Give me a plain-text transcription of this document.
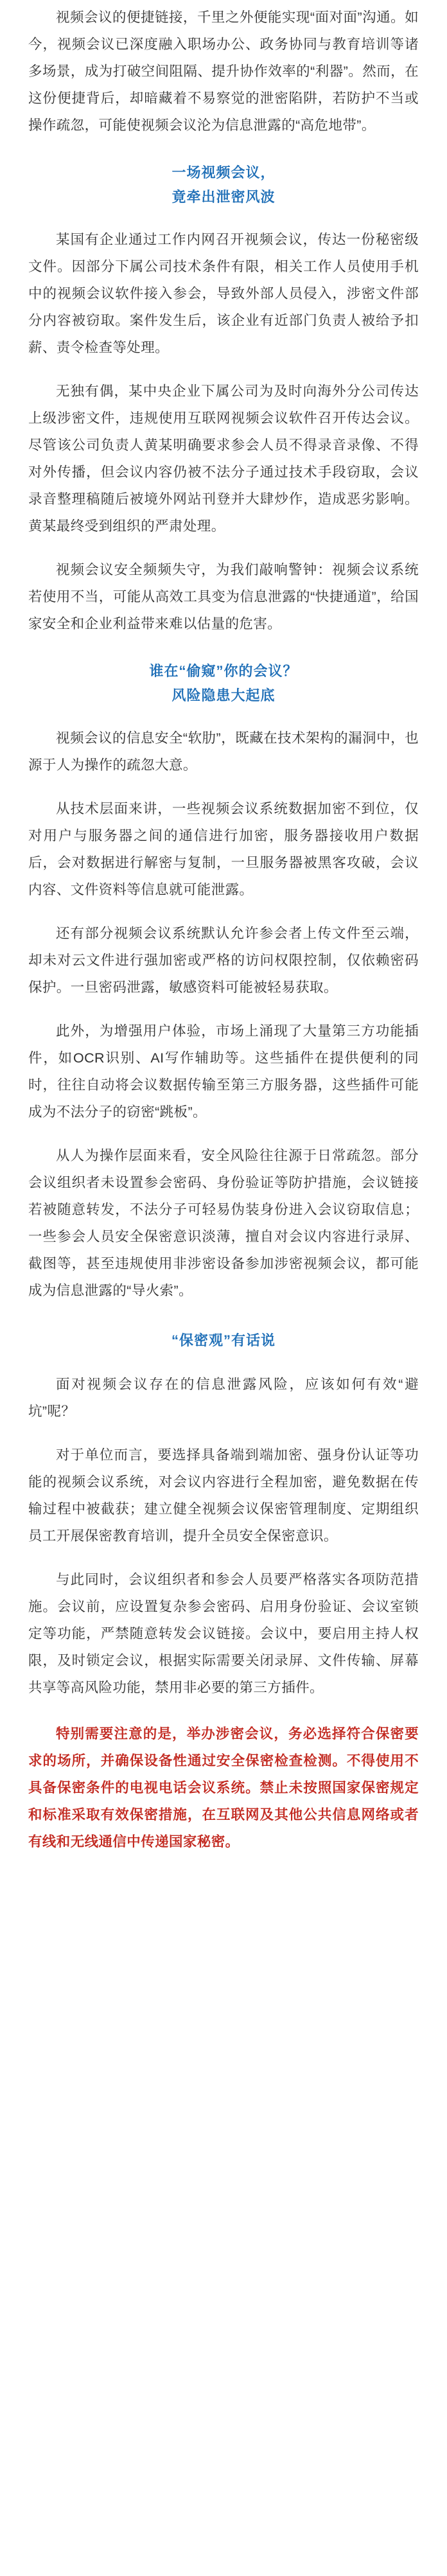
视频会议的便捷链接，千里之外便能实现“面对面”沟通。如今，视频会议已深度融入职场办公、政务协同与教育培训等诸多场景，成为打破空间阻隔、提升协作效率的“利器”。然而，在这份便捷背后，却暗藏着不易察觉的泄密陷阱，若防护不当或操作疏忽，可能使视频会议沦为信息泄露的“高危地带”。

一场视频会议，
竟牵出泄密风波

某国有企业通过工作内网召开视频会议，传达一份秘密级文件。因部分下属公司技术条件有限，相关工作人员使用手机中的视频会议软件接入参会，导致外部人员侵入，涉密文件部分内容被窃取。案件发生后，该企业有近部门负责人被给予扣薪、责令检查等处理。

无独有偶，某中央企业下属公司为及时向海外分公司传达上级涉密文件，违规使用互联网视频会议软件召开传达会议。尽管该公司负责人黄某明确要求参会人员不得录音录像、不得对外传播，但会议内容仍被不法分子通过技术手段窃取，会议录音整理稿随后被境外网站刊登并大肆炒作，造成恶劣影响。黄某最终受到组织的严肃处理。

视频会议安全频频失守，为我们敲响警钟：视频会议系统若使用不当，可能从高效工具变为信息泄露的“快捷通道”，给国家安全和企业利益带来难以估量的危害。

谁在“偷窥”你的会议？
风险隐患大起底

视频会议的信息安全“软肋”，既藏在技术架构的漏洞中，也源于人为操作的疏忽大意。

从技术层面来讲，一些视频会议系统数据加密不到位，仅对用户与服务器之间的通信进行加密，服务器接收用户数据后，会对数据进行解密与复制，一旦服务器被黑客攻破，会议内容、文件资料等信息就可能泄露。

还有部分视频会议系统默认允许参会者上传文件至云端，却未对云文件进行强加密或严格的访问权限控制，仅依赖密码保护。一旦密码泄露，敏感资料可能被轻易获取。

此外，为增强用户体验，市场上涌现了大量第三方功能插件，如OCR识别、AI写作辅助等。这些插件在提供便利的同时，往往自动将会议数据传输至第三方服务器，这些插件可能成为不法分子的窃密“跳板”。

从人为操作层面来看，安全风险往往源于日常疏忽。部分会议组织者未设置参会密码、身份验证等防护措施，会议链接若被随意转发，不法分子可轻易伪装身份进入会议窃取信息；一些参会人员安全保密意识淡薄，擅自对会议内容进行录屏、截图等，甚至违规使用非涉密设备参加涉密视频会议，都可能成为信息泄露的“导火索”。

“保密观”有话说

面对视频会议存在的信息泄露风险，应该如何有效“避坑”呢？

对于单位而言，要选择具备端到端加密、强身份认证等功能的视频会议系统，对会议内容进行全程加密，避免数据在传输过程中被截获；建立健全视频会议保密管理制度、定期组织员工开展保密教育培训，提升全员安全保密意识。

与此同时，会议组织者和参会人员要严格落实各项防范措施。会议前，应设置复杂参会密码、启用身份验证、会议室锁定等功能，严禁随意转发会议链接。会议中，要启用主持人权限，及时锁定会议，根据实际需要关闭录屏、文件传输、屏幕共享等高风险功能，禁用非必要的第三方插件。

特别需要注意的是，举办涉密会议，务必选择符合保密要求的场所，并确保设备性通过安全保密检查检测。不得使用不具备保密条件的电视电话会议系统。禁止未按照国家保密规定和标准采取有效保密措施，在互联网及其他公共信息网络或者有线和无线通信中传递国家秘密。
